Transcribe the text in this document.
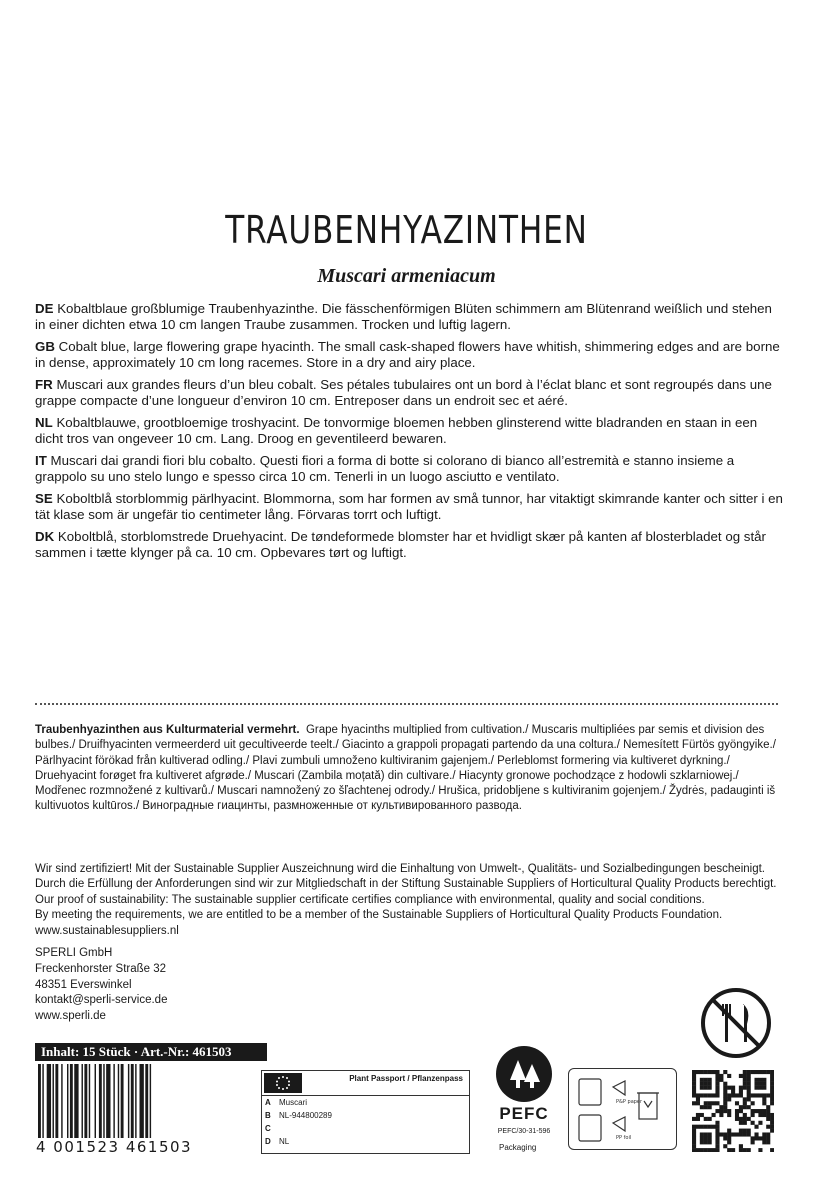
TRAUBENHYAZINTHEN
Muscari armeniacum

DE Kobaltblaue großblumige Traubenhyazinthe. Die fässchenförmigen Blüten schimmern am Blütenrand weißlich und stehen in einer dichten etwa 10 cm langen Traube zusammen. Trocken und luftig lagern.

GB Cobalt blue, large flowering grape hyacinth. The small cask-shaped flowers have whitish, shimmering edges and are borne in dense, approximately 10 cm long racemes. Store in a dry and airy place.

FR Muscari aux grandes fleurs d’un bleu cobalt. Ses pétales tubulaires ont un bord à l’éclat blanc et sont regroupés dans une grappe compacte d’une longueur d’environ 10 cm. Entreposer dans un endroit sec et aéré.

NL Kobaltblauwe, grootbloemige troshyacint. De tonvormige bloemen hebben glinsterend witte bladranden en staan in een dicht tros van ongeveer 10 cm. Lang. Droog en geventileerd bewaren.

IT Muscari dai grandi fiori blu cobalto. Questi fiori a forma di botte si colorano di bianco all’estremità e stanno insieme a grappolo su uno stelo lungo e spesso circa 10 cm. Tenerli in un luogo asciutto e ventilato.

SE Koboltblå storblommig pärlhyacint. Blommorna, som har formen av små tunnor, har vitaktigt skimrande kanter och sitter i en tät klase som är ungefär tio centimeter lång. Förvaras torrt och luftigt.

DK Koboltblå, storblomstrede Druehyacint. De tøndeformede blomster har et hvidligt skær på kanten af blosterbladet og står sammen i tætte klynger på ca. 10 cm. Opbevares tørt og luftigt.

Traubenhyazinthen aus Kulturmaterial vermehrt. Grape hyacinths multiplied from cultivation./ Muscaris multipliées par semis et division des bulbes./ Druifhyacinten vermeerderd uit gecultiveerde teelt./ Giacinto a grappoli propagati partendo da una coltura./ Nemesített Fürtös gyöngyike./ Pärlhyacint förökad från kultiverad odling./ Plavi zumbuli umnoženo kultiviranim gajenjem./ Perleblomst formering via kultiveret dyrkning./ Druehyacint forøget fra kultiveret afgrøde./ Muscari (Zambila moțată) din cultivare./ Hiacynty gronowe pochodzące z hodowli szklarniowej./ Modřenec rozmnožené z kultivarů./ Muscari namnožený zo šľachtenej odrody./ Hrušica, pridobljene s kultiviranim gojenjem./ Žydrės, padauginti iš kultivuotos kultūros./ Виноградные гиацинты, размноженные от культивированного развода.
Wir sind zertifiziert! Mit der Sustainable Supplier Auszeichnung wird die Einhaltung von Umwelt-, Qualitäts- und Sozialbedingungen bescheinigt.
Durch die Erfüllung der Anforderungen sind wir zur Mitgliedschaft in der Stiftung Sustainable Suppliers of Horticultural Quality Products berechtigt.
Our proof of sustainability: The sustainable supplier certificate certifies compliance with environmental, quality and social conditions.
By meeting the requirements, we are entitled to be a member of the Sustainable Suppliers of Horticultural Quality Products Foundation.
www.sustainablesuppliers.nl
SPERLI GmbH
Freckenhorster Straße 32
48351 Everswinkel
kontakt@sperli-service.de
www.sperli.de
Inhalt: 15 Stück · Art.-Nr.: 461503
4 001523 461503
Plant Passport / Pflanzenpass
A Muscari
B NL-944800289
C
D NL
PEFC
PEFC/30-31-596
P&P paper
PP foil
Packaging
